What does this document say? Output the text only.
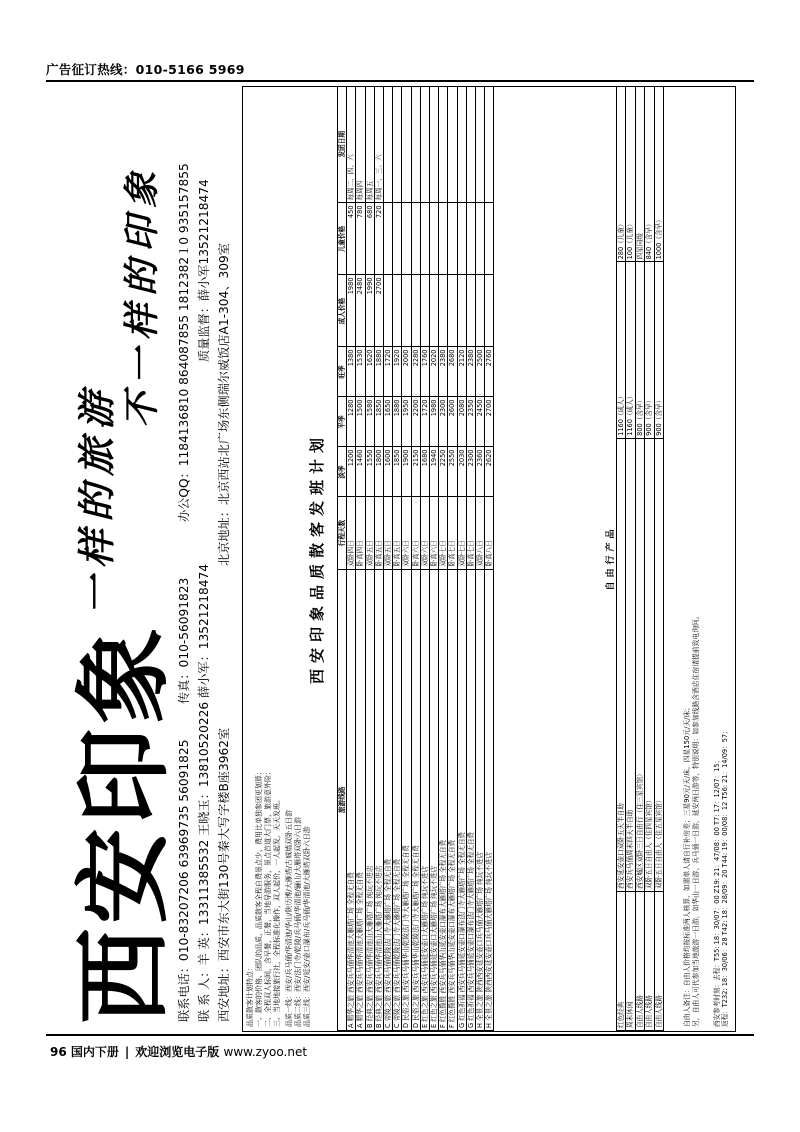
广告征订热线：010-5166 5969
西安印象
一样的旅游
不一样的印象
联系电话：010-83207206 63969735 56091825
传真：010-56091823
办公QQ：1184136810 864087855 1812382１0 935157855
联 系 人：羊 英：13311385532 王晓玉：13810520226 薛小军：13521218474
质量监督：薛小军13521218474
西安地址：西安市东大街130号秦大写字楼B座3962室
北京地址：北京西站北广场东侧瑞尔威饭店A1-304、309室
品质散客计划特点： 一、散客的价格、团队的品质，品质散客全程自费景点少，费用比单独参团更划算； 二、全程双人标间，含早餐，正餐，当地导游服务，景点首道大门票，旅游意外险； 三、当地地接旅行社，全程标准化操作，双人起价，一人起发，天天发班。 品质一线：西安/兵马俑/华清池/华山/陕历博/大雁塔/古城墙双卧五日游 品质二线：西安/法门寺/乾陵/兵马俑/华清池/骊山/大雁塔双卧六日游 品质三线：西安/延安/壶口瀑布/兵马俑/华清池/大雁塔双卧六日游
西安印象品质散客发班计划
旅游线路	行程天数	淡季	平季	旺季	成人价格	儿童价格	发团日期
A 精华之旅 西安兵马俑华清池大雁塔广场 全程无自费	双卧四日	1200	1280	1380	1980	450	每周二、四、六
A 精华之旅 西安兵马俑华清池大雁塔广场 全程无自费	卧高四日	1460	1500	1530	2480	780	每周四
B 经典之旅 西安兵马俑华清池山大雁塔广场 纯玩不进店	双卧五日	1550	1580	1620	1990	680	每周五
B 经典之旅 西安兵马俑华清池山大雁塔广场 纯玩不进店	卧高五日	1800	1850	1880	2700	720	每周一、三、六
C 帝陵之旅 西安兵马俑乾陵法门寺大雁塔广场 全程无自费	双卧五日	1600	1650	1720			
C 帝陵之旅 西安兵马俑乾陵法门寺大雁塔广场 全程无自费	卧高五日	1850	1880	1920			
D 民俗之旅 西安兵马俑华山乾陵法门寺大雁塔广场 全程无自费	双卧六日	1900	1950	2000			
D 民俗之旅 西安兵马俑华山乾陵法门寺大雁塔广场 全程无自费	卧高六日	2150	2200	2280			
E 红色之旅 西安兵马俑延安壶口大雁塔广场 纯玩不进店	双卧六日	1680	1720	1760			
E 红色之旅 西安兵马俑延安壶口大雁塔广场 纯玩不进店	卧高六日	1940	1980	2020			
F 红色揽胜 西安兵马俑华山延安壶口瀑布大雁塔广场 全程无自费	双卧七日	2250	2300	2380			
F 红色揽胜 西安兵马俑华山延安壶口瀑布大雁塔广场 全程无自费	卧高七日	2550	2600	2680			
G 红色祈福 西安兵马俑延安壶口瀑布法门寺大雁塔广场 全程无自费	双卧七日	2030	2080	2120			
G 红色祈福 西安兵马俑延安壶口瀑布法门寺大雁塔广场 全程无自费	卧高七日	2300	2350	2380			
H 全景之旅 陕西西安延安壶口兵马俑大雁塔广场 纯玩不进店	双卧八日	2360	2450	2500			
H 全景之旅 陕西西安延安壶口兵马俑大雁塔广场 纯玩不进店	卧高八日	2620	2700	2760			
自由行产品
红色经典	西安延安壶口双卧五天半自助	1160（成人）	280（儿童）
周末休闲	西安兵马俑周末四天半自助	1160（成人）	100（儿童）
自由人线路	西安城区双卧三日自由行（住三星宾馆）	800（含早）	四星同级
自由人线路	双卧五日自由人（住四星宾馆）	900（含早）	840（含早）
自由人线路	双卧五日自由人（住五星宾馆）	900（含早）	1000（含早）
自由人备注：自由人价格均按标准两人核算，如需单人请自行补房差；三星90元/天/床，四星150元/天/床； 另，自由人可代参加当地旅游一日游，如华山一日游、兵马俑一日游，延安两日游等，特别说明：如参加线路含酒店住宿请提前致电询问。 西安参考时刻：去程：T55: 18：30/07：00 Z19: 21：47/08：00 T7: 17：12/07：15； 返程：T232: 18：30/06：28 T42: 18：28/09：20 T44: 19：00/08：12 T56: 21：14/09：57；
96 国内下册 | 欢迎浏览电子版 www.zyoo.net
